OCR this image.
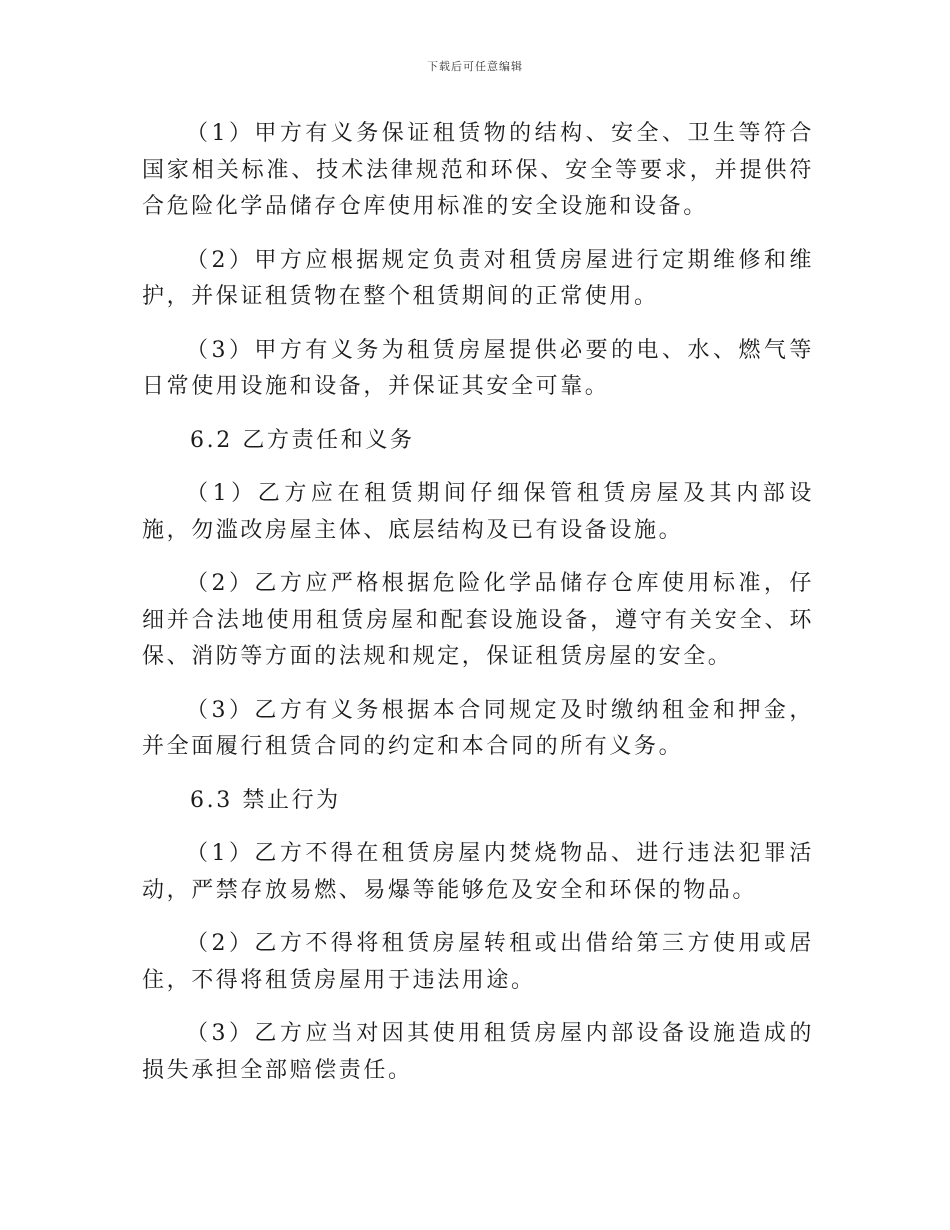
下载后可任意编辑

（1）甲方有义务保证租赁物的结构、安全、卫生等符合国家相关标准、技术法律规范和环保、安全等要求，并提供符合危险化学品储存仓库使用标准的安全设施和设备。

（2）甲方应根据规定负责对租赁房屋进行定期维修和维护，并保证租赁物在整个租赁期间的正常使用。

（3）甲方有义务为租赁房屋提供必要的电、水、燃气等日常使用设施和设备，并保证其安全可靠。

6.2 乙方责任和义务

（1）乙方应在租赁期间仔细保管租赁房屋及其内部设施，勿滥改房屋主体、底层结构及已有设备设施。

（2）乙方应严格根据危险化学品储存仓库使用标准，仔细并合法地使用租赁房屋和配套设施设备，遵守有关安全、环保、消防等方面的法规和规定，保证租赁房屋的安全。

（3）乙方有义务根据本合同规定及时缴纳租金和押金，并全面履行租赁合同的约定和本合同的所有义务。

6.3 禁止行为

（1）乙方不得在租赁房屋内焚烧物品、进行违法犯罪活动，严禁存放易燃、易爆等能够危及安全和环保的物品。

（2）乙方不得将租赁房屋转租或出借给第三方使用或居住，不得将租赁房屋用于违法用途。

（3）乙方应当对因其使用租赁房屋内部设备设施造成的损失承担全部赔偿责任。
